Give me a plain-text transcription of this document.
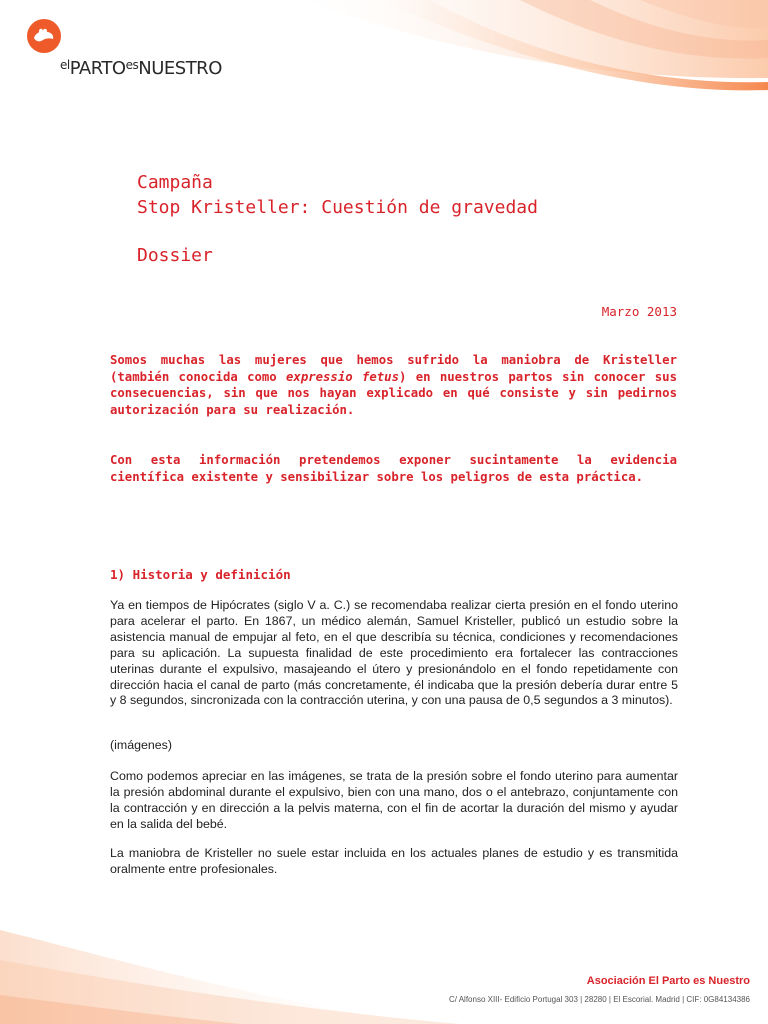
$^{el}PARTO^{es}NUESTRO$
Campaña
Stop Kristeller: Cuestión de gravedad
Dossier
Marzo 2013

Somos muchas las mujeres que hemos sufrido la maniobra de Kristeller (también conocida como expressio fetus) en nuestros partos sin conocer sus consecuencias, sin que nos hayan explicado en qué consiste y sin pedirnos autorización para su realización.

Con esta información pretendemos exponer sucintamente la evidencia científica existente y sensibilizar sobre los peligros de esta práctica.

1) Historia y definición

Ya en tiempos de Hipócrates (siglo V a. C.) se recomendaba realizar cierta presión en el fondo uterino para acelerar el parto. En 1867, un médico alemán, Samuel Kristeller, publicó un estudio sobre la asistencia manual de empujar al feto, en el que describía su técnica, condiciones y recomendaciones para su aplicación. La supuesta finalidad de este procedimiento era fortalecer las contracciones uterinas durante el expulsivo, masajeando el útero y presionándolo en el fondo repetidamente con dirección hacia el canal de parto (más concretamente, él indicaba que la presión debería durar entre 5 y 8 segundos, sincronizada con la contracción uterina, y con una pausa de 0,5 segundos a 3 minutos).

(imágenes)

Como podemos apreciar en las imágenes, se trata de la presión sobre el fondo uterino para aumentar la presión abdominal durante el expulsivo, bien con una mano, dos o el antebrazo, conjuntamente con la contracción y en dirección a la pelvis materna, con el fin de acortar la duración del mismo y ayudar en la salida del bebé.

La maniobra de Kristeller no suele estar incluida en los actuales planes de estudio y es transmitida oralmente entre profesionales.

Asociación El Parto es Nuestro
C/ Alfonso XIII- Edificio Portugal 303 | 28280 | El Escorial. Madrid | CIF: 0G84134386
